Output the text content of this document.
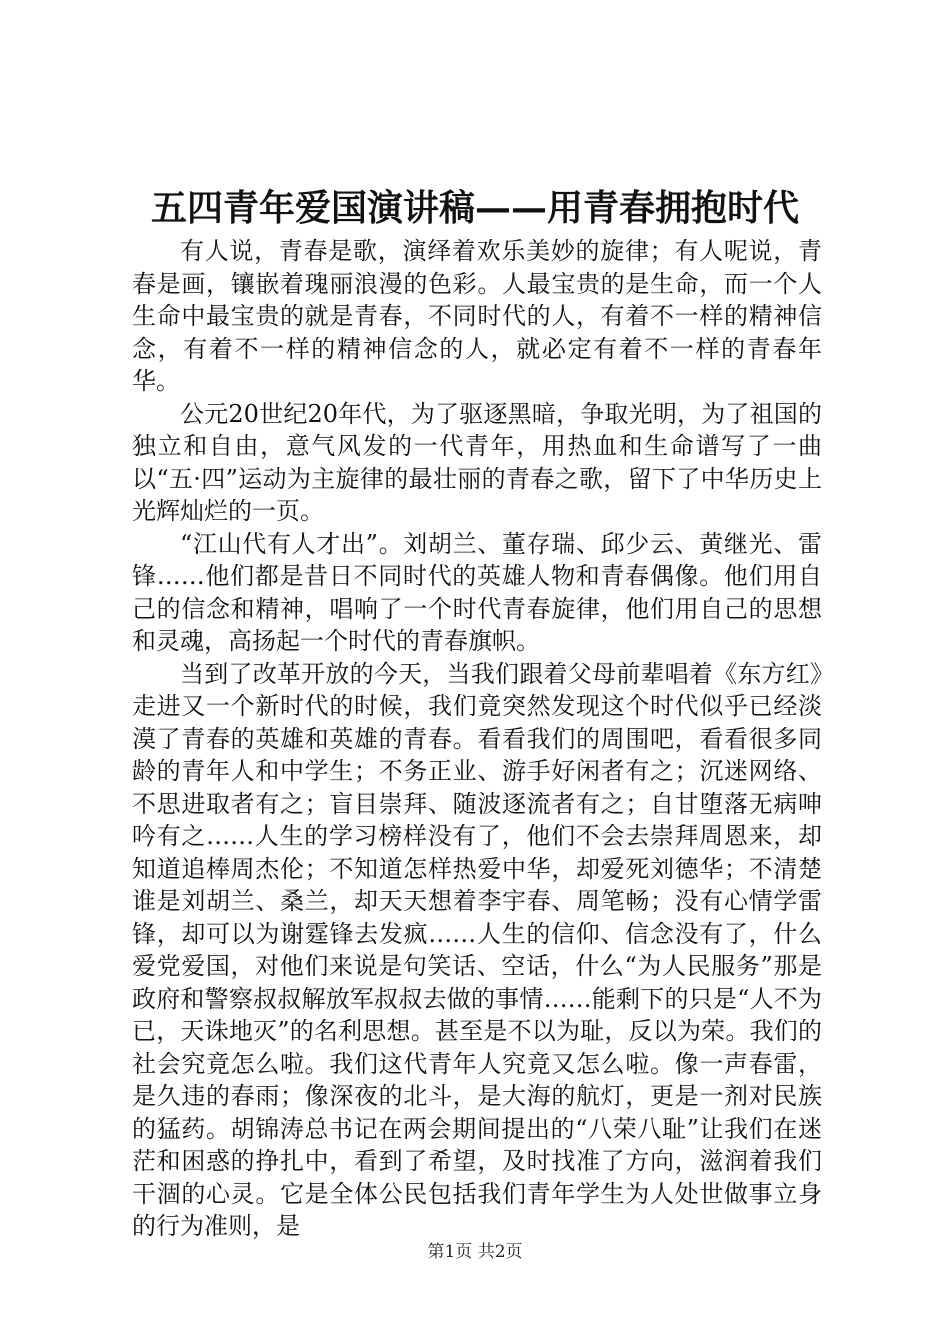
五四青年爱国演讲稿——用青春拥抱时代

有人说，青春是歌，演绎着欢乐美妙的旋律；有人呢说，青春是画，镶嵌着瑰丽浪漫的色彩。人最宝贵的是生命，而一个人生命中最宝贵的就是青春，不同时代的人，有着不一样的精神信念，有着不一样的精神信念的人，就必定有着不一样的青春年华。

公元20世纪20年代，为了驱逐黑暗，争取光明，为了祖国的独立和自由，意气风发的一代青年，用热血和生命谱写了一曲以“五·四”运动为主旋律的最壮丽的青春之歌，留下了中华历史上光辉灿烂的一页。

“江山代有人才出”。刘胡兰、董存瑞、邱少云、黄继光、雷锋……他们都是昔日不同时代的英雄人物和青春偶像。他们用自己的信念和精神，唱响了一个时代青春旋律，他们用自己的思想和灵魂，高扬起一个时代的青春旗帜。

当到了改革开放的今天，当我们跟着父母前辈唱着《东方红》走进又一个新时代的时候，我们竟突然发现这个时代似乎已经淡漠了青春的英雄和英雄的青春。看看我们的周围吧，看看很多同龄的青年人和中学生；不务正业、游手好闲者有之；沉迷网络、不思进取者有之；盲目崇拜、随波逐流者有之；自甘堕落无病呻吟有之……人生的学习榜样没有了，他们不会去崇拜周恩来，却知道追棒周杰伦；不知道怎样热爱中华，却爱死刘德华；不清楚谁是刘胡兰、桑兰，却天天想着李宇春、周笔畅；没有心情学雷锋，却可以为谢霆锋去发疯……人生的信仰、信念没有了，什么爱党爱国，对他们来说是句笑话、空话，什么“为人民服务”那是政府和警察叔叔解放军叔叔去做的事情……能剩下的只是“人不为已，天诛地灭”的名利思想。甚至是不以为耻，反以为荣。我们的社会究竟怎么啦。我们这代青年人究竟又怎么啦。像一声春雷，是久违的春雨；像深夜的北斗，是大海的航灯，更是一剂对民族的猛药。胡锦涛总书记在两会期间提出的“八荣八耻”让我们在迷茫和困惑的挣扎中，看到了希望，及时找准了方向，滋润着我们干涸的心灵。它是全体公民包括我们青年学生为人处世做事立身的行为准则，是

第1页 共2页
